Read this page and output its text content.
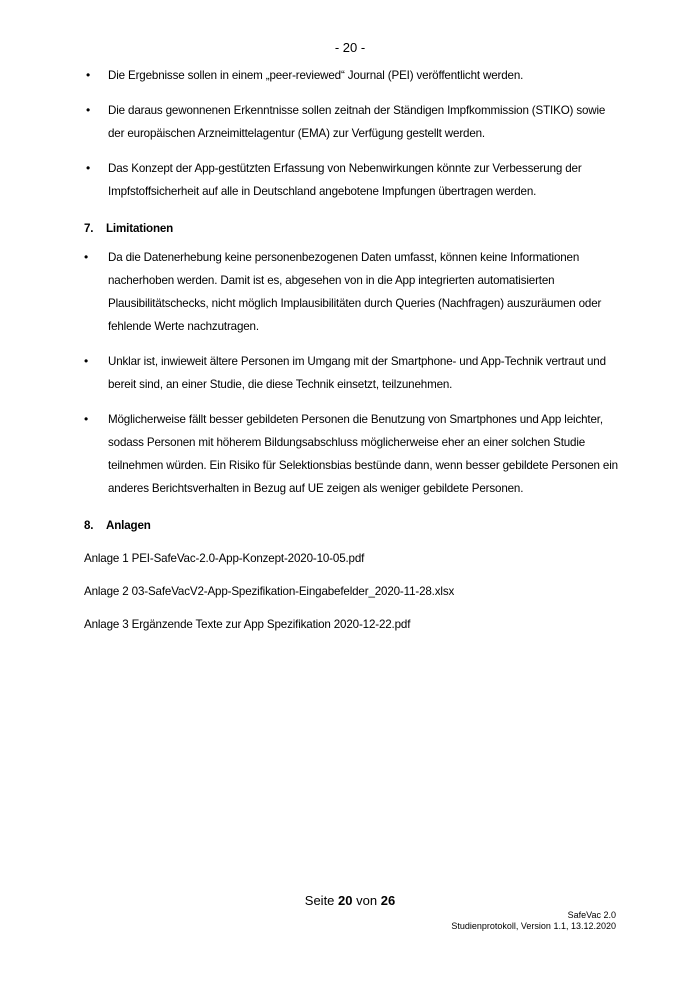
- 20 -
• Die Ergebnisse sollen in einem „peer-reviewed“ Journal (PEI) veröffentlicht werden.
• Die daraus gewonnenen Erkenntnisse sollen zeitnah der Ständigen Impfkommission (STIKO) sowie der europäischen Arzneimittelagentur (EMA) zur Verfügung gestellt werden.
• Das Konzept der App-gestützten Erfassung von Nebenwirkungen könnte zur Verbesserung der Impfstoffsicherheit auf alle in Deutschland angebotene Impfungen übertragen werden.
7.	Limitationen
• Da die Datenerhebung keine personenbezogenen Daten umfasst, können keine Informationen nacherhoben werden. Damit ist es, abgesehen von in die App integrierten automatisierten Plausibilitätschecks, nicht möglich Implausibilitäten durch Queries (Nachfragen) auszuräumen oder fehlende Werte nachzutragen.
• Unklar ist, inwieweit ältere Personen im Umgang mit der Smartphone- und App-Technik vertraut und bereit sind, an einer Studie, die diese Technik einsetzt, teilzunehmen.
• Möglicherweise fällt besser gebildeten Personen die Benutzung von Smartphones und App leichter, sodass Personen mit höherem Bildungsabschluss möglicherweise eher an einer solchen Studie teilnehmen würden. Ein Risiko für Selektionsbias bestünde dann, wenn besser gebildete Personen ein anderes Berichtsverhalten in Bezug auf UE zeigen als weniger gebildete Personen.
8.	Anlagen

Anlage 1 PEI-SafeVac-2.0-App-Konzept-2020-10-05.pdf

Anlage 2 03-SafeVacV2-App-Spezifikation-Eingabefelder_2020-11-28.xlsx

Anlage 3 Ergänzende Texte zur App Spezifikation 2020-12-22.pdf

Seite 20 von 26
SafeVac 2.0
Studienprotokoll, Version 1.1, 13.12.2020
